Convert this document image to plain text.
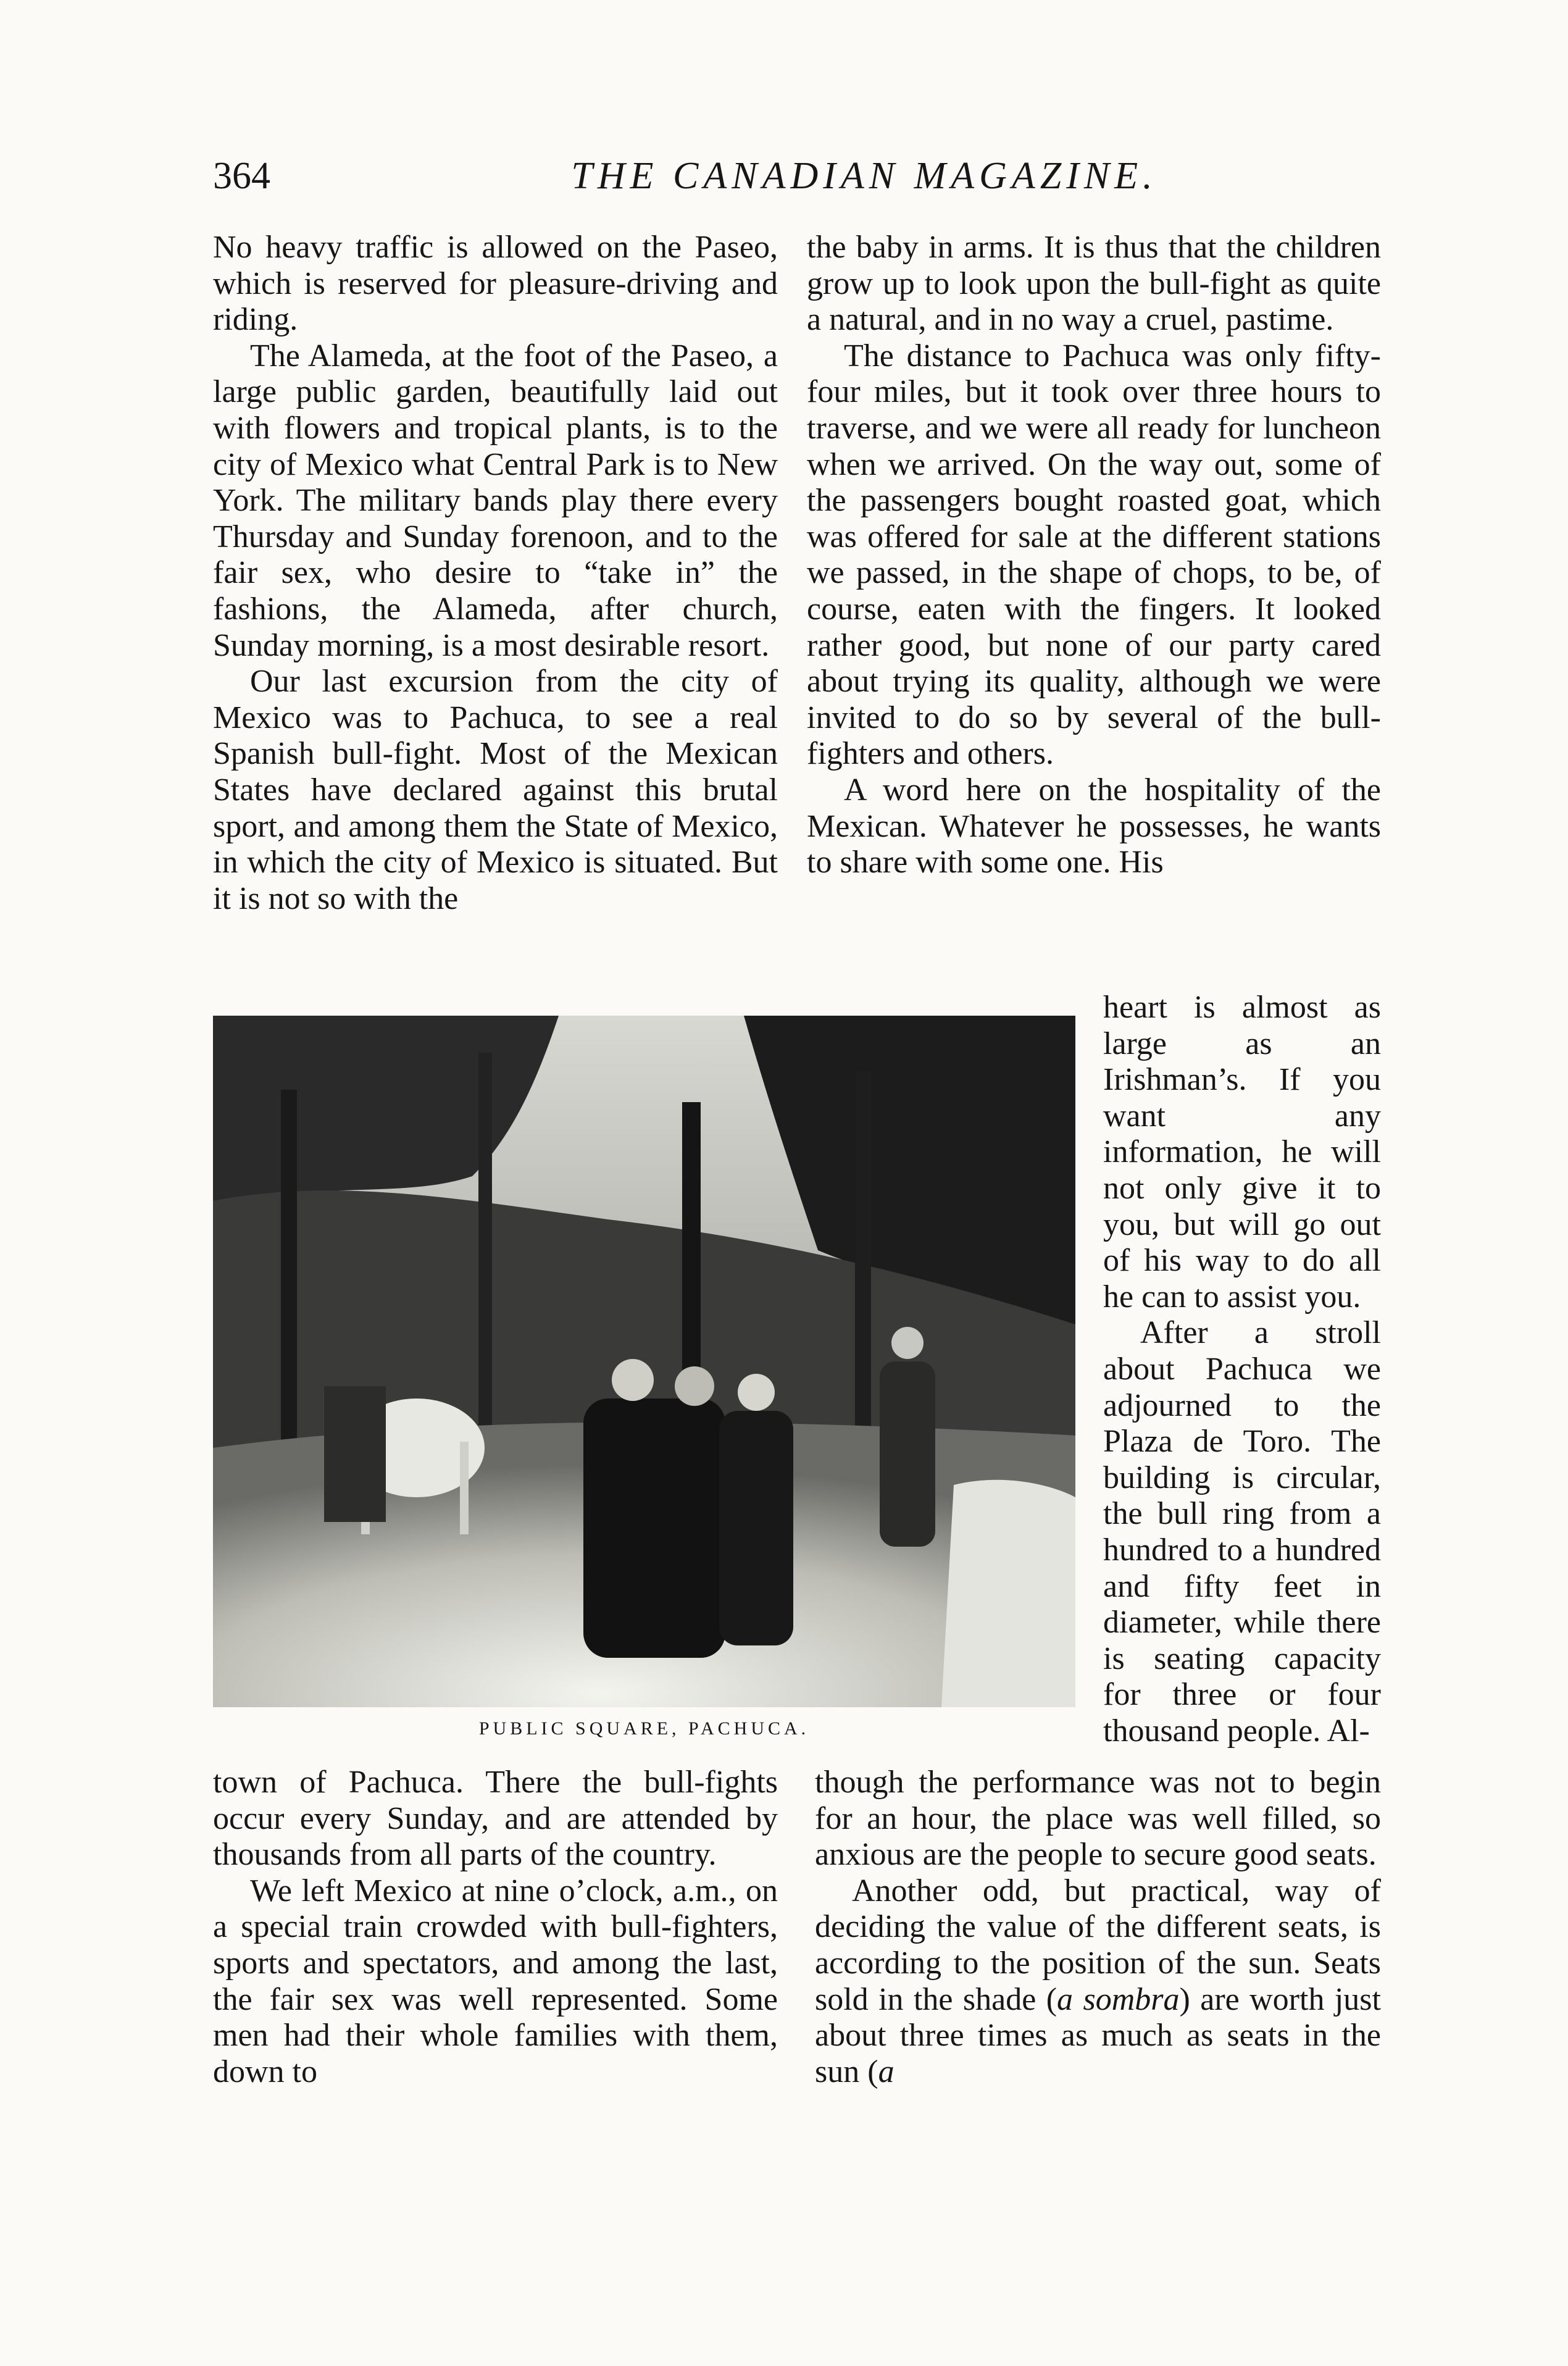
364	THE CANADIAN MAGAZINE.

No heavy traffic is allowed on the Paseo, which is reserved for pleasure-driving and riding.

The Alameda, at the foot of the Paseo, a large public garden, beautifully laid out with flowers and tropical plants, is to the city of Mexico what Central Park is to New York. The military bands play there every Thursday and Sunday forenoon, and to the fair sex, who desire to “take in” the fashions, the Alameda, after church, Sunday morning, is a most desirable resort.

Our last excursion from the city of Mexico was to Pachuca, to see a real Spanish bull-fight. Most of the Mexican States have declared against this brutal sport, and among them the State of Mexico, in which the city of Mexico is situated. But it is not so with the

the baby in arms. It is thus that the children grow up to look upon the bull-fight as quite a natural, and in no way a cruel, pastime.

The distance to Pachuca was only fifty-four miles, but it took over three hours to traverse, and we were all ready for luncheon when we arrived. On the way out, some of the passengers bought roasted goat, which was offered for sale at the different stations we passed, in the shape of chops, to be, of course, eaten with the fingers. It looked rather good, but none of our party cared about trying its quality, although we were invited to do so by several of the bull-fighters and others.

A word here on the hospitality of the Mexican. Whatever he possesses, he wants to share with some one. His

PUBLIC SQUARE, PACHUCA.

heart is almost as large as an Irishman’s. If you want any information, he will not only give it to you, but will go out of his way to do all he can to assist you.

After a stroll about Pachuca we adjourned to the Plaza de Toro. The building is circular, the bull ring from a hundred to a hundred and fifty feet in diameter, while there is seating capacity for three or four thousand people. Al-

town of Pachuca. There the bull-fights occur every Sunday, and are attended by thousands from all parts of the country.

We left Mexico at nine o’clock, a.m., on a special train crowded with bull-fighters, sports and spectators, and among the last, the fair sex was well represented. Some men had their whole families with them, down to

though the performance was not to begin for an hour, the place was well filled, so anxious are the people to secure good seats.

Another odd, but practical, way of deciding the value of the different seats, is according to the position of the sun. Seats sold in the shade (a sombra) are worth just about three times as much as seats in the sun (a
